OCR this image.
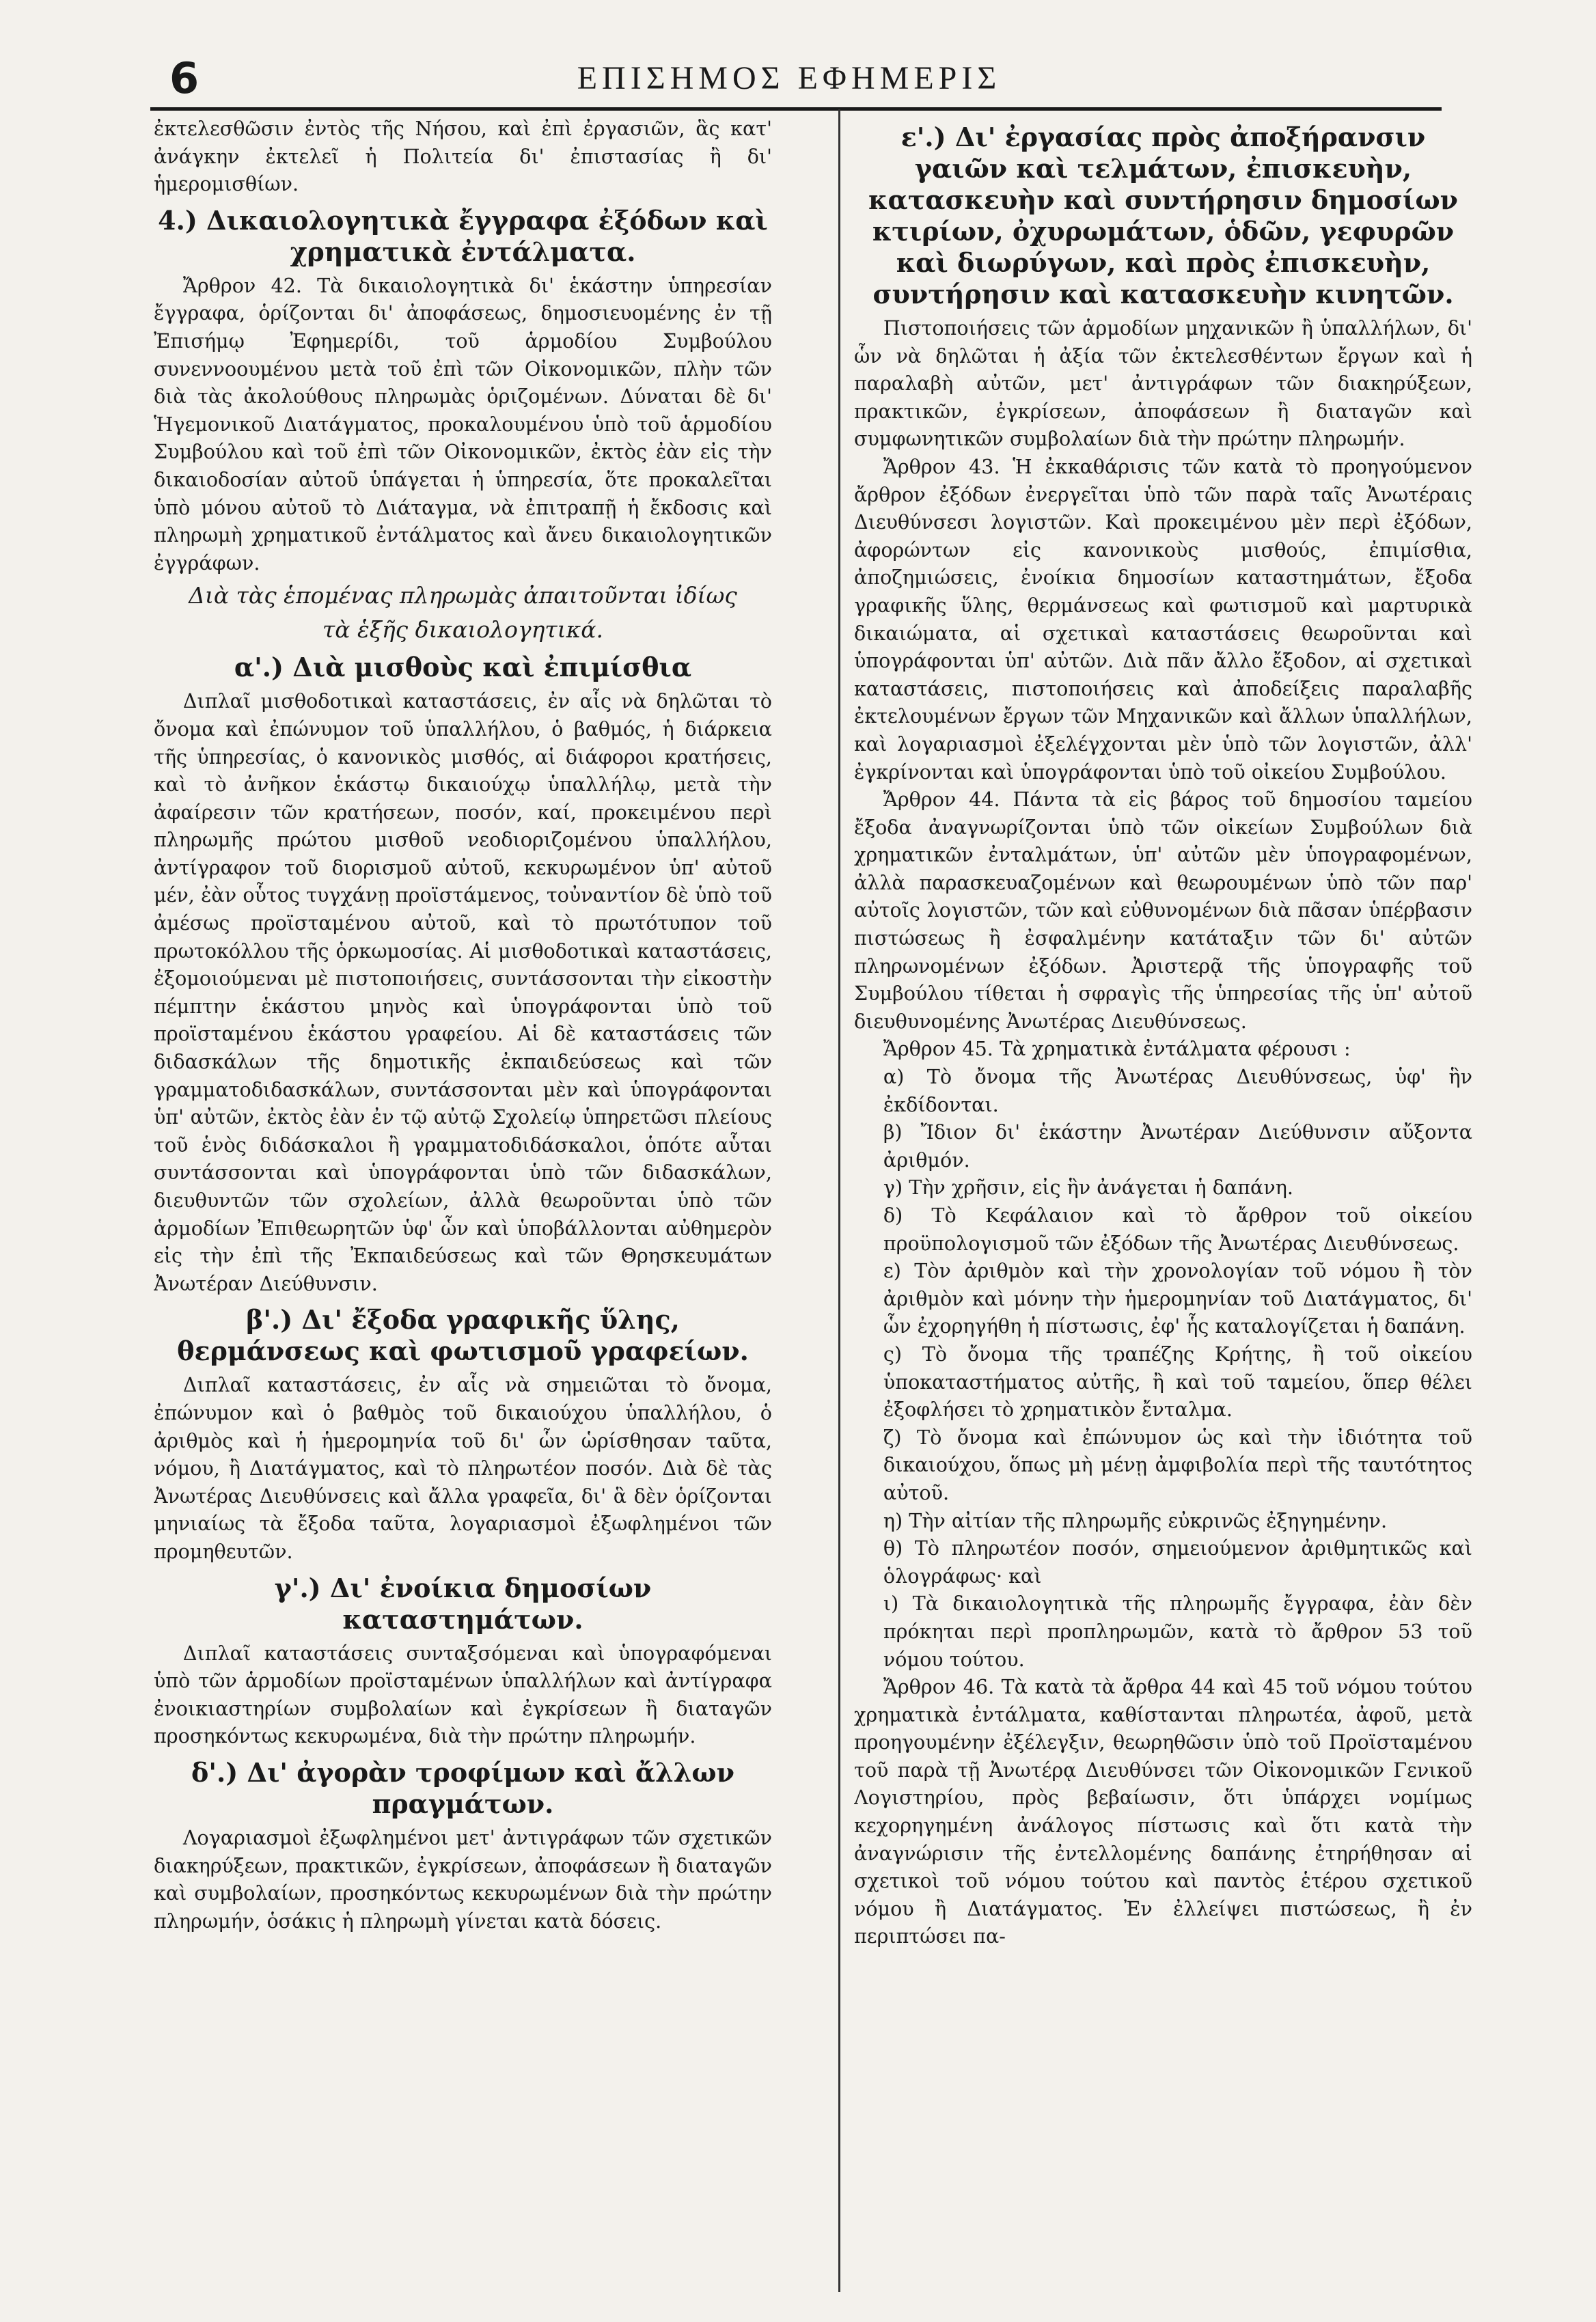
6	ΕΠΙΣΗΜΟΣ ΕΦΗΜΕΡΙΣ

ἐκτελεσθῶσιν ἐντὸς τῆς Νήσου, καὶ ἐπὶ ἐργασιῶν, ἃς κατ' ἀνάγκην ἐκτελεῖ ἡ Πολιτεία δι' ἐπιστασίας ἢ δι' ἡμερομισθίων.

4.) Δικαιολογητικὰ ἔγγραφα ἐξόδων καὶ χρηματικὰ ἐντάλματα.

Ἄρθρον 42. Τὰ δικαιολογητικὰ δι' ἑκάστην ὑπηρεσίαν ἔγγραφα, ὁρίζονται δι' ἀποφάσεως, δημοσιευομένης ἐν τῇ Ἐπισήμῳ Ἐφημερίδι, τοῦ ἁρμοδίου Συμβούλου συνεννοουμένου μετὰ τοῦ ἐπὶ τῶν Οἰκονομικῶν, πλὴν τῶν διὰ τὰς ἀκολούθους πληρωμὰς ὁριζομένων. Δύναται δὲ δι' Ἡγεμονικοῦ Διατάγματος, προκαλουμένου ὑπὸ τοῦ ἁρμοδίου Συμβούλου καὶ τοῦ ἐπὶ τῶν Οἰκονομικῶν, ἐκτὸς ἐὰν εἰς τὴν δικαιοδοσίαν αὐτοῦ ὑπάγεται ἡ ὑπηρεσία, ὅτε προκαλεῖται ὑπὸ μόνου αὐτοῦ τὸ Διάταγμα, νὰ ἐπιτραπῇ ἡ ἔκδοσις καὶ πληρωμὴ χρηματικοῦ ἐντάλματος καὶ ἄνευ δικαιολογητικῶν ἐγγράφων.

Διὰ τὰς ἑπομένας πληρωμὰς ἀπαιτοῦνται ἰδίως
τὰ ἑξῆς δικαιολογητικά.
α'.) Διὰ μισθοὺς καὶ ἐπιμίσθια

Διπλαῖ μισθοδοτικαὶ καταστάσεις, ἐν αἷς νὰ δηλῶται τὸ ὄνομα καὶ ἐπώνυμον τοῦ ὑπαλλήλου, ὁ βαθμός, ἡ διάρκεια τῆς ὑπηρεσίας, ὁ κανονικὸς μισθός, αἱ διάφοροι κρατήσεις, καὶ τὸ ἀνῆκον ἑκάστῳ δικαιούχῳ ὑπαλλήλῳ, μετὰ τὴν ἀφαίρεσιν τῶν κρατήσεων, ποσόν, καί, προκειμένου περὶ πληρωμῆς πρώτου μισθοῦ νεοδιοριζομένου ὑπαλλήλου, ἀντίγραφον τοῦ διορισμοῦ αὐτοῦ, κεκυρωμένον ὑπ' αὐτοῦ μέν, ἐὰν οὗτος τυγχάνῃ προϊστάμενος, τοὐναντίον δὲ ὑπὸ τοῦ ἀμέσως προϊσταμένου αὐτοῦ, καὶ τὸ πρωτότυπον τοῦ πρωτοκόλλου τῆς ὁρκωμοσίας. Αἱ μισθοδοτικαὶ καταστάσεις, ἐξομοιούμεναι μὲ πιστοποιήσεις, συντάσσονται τὴν εἰκοστὴν πέμπτην ἑκάστου μηνὸς καὶ ὑπογράφονται ὑπὸ τοῦ προϊσταμένου ἑκάστου γραφείου. Αἱ δὲ καταστάσεις τῶν διδασκάλων τῆς δημοτικῆς ἐκπαιδεύσεως καὶ τῶν γραμματοδιδασκάλων, συντάσσονται μὲν καὶ ὑπογράφονται ὑπ' αὐτῶν, ἐκτὸς ἐὰν ἐν τῷ αὐτῷ Σχολείῳ ὑπηρετῶσι πλείους τοῦ ἑνὸς διδάσκαλοι ἢ γραμματοδιδάσκαλοι, ὁπότε αὗται συντάσσονται καὶ ὑπογράφονται ὑπὸ τῶν διδασκάλων, διευθυντῶν τῶν σχολείων, ἀλλὰ θεωροῦνται ὑπὸ τῶν ἁρμοδίων Ἐπιθεωρητῶν ὑφ' ὧν καὶ ὑποβάλλονται αὐθημερὸν εἰς τὴν ἐπὶ τῆς Ἐκπαιδεύσεως καὶ τῶν Θρησκευμάτων Ἀνωτέραν Διεύθυνσιν.

β'.) Δι' ἔξοδα γραφικῆς ὕλης, θερμάνσεως καὶ φωτισμοῦ γραφείων.

Διπλαῖ καταστάσεις, ἐν αἷς νὰ σημειῶται τὸ ὄνομα, ἐπώνυμον καὶ ὁ βαθμὸς τοῦ δικαιούχου ὑπαλλήλου, ὁ ἀριθμὸς καὶ ἡ ἡμερομηνία τοῦ δι' ὧν ὡρίσθησαν ταῦτα, νόμου, ἢ Διατάγματος, καὶ τὸ πληρωτέον ποσόν. Διὰ δὲ τὰς Ἀνωτέρας Διευθύνσεις καὶ ἄλλα γραφεῖα, δι' ἃ δὲν ὁρίζονται μηνιαίως τὰ ἔξοδα ταῦτα, λογαριασμοὶ ἐξωφλημένοι τῶν προμηθευτῶν.

γ'.) Δι' ἐνοίκια δημοσίων καταστημάτων.

Διπλαῖ καταστάσεις συνταξσόμεναι καὶ ὑπογραφόμεναι ὑπὸ τῶν ἁρμοδίων προϊσταμένων ὑπαλλήλων καὶ ἀντίγραφα ἐνοικιαστηρίων συμβολαίων καὶ ἐγκρίσεων ἢ διαταγῶν προσηκόντως κεκυρωμένα, διὰ τὴν πρώτην πληρωμήν.

δ'.) Δι' ἀγορὰν τροφίμων καὶ ἄλλων πραγμάτων.

Λογαριασμοὶ ἐξωφλημένοι μετ' ἀντιγράφων τῶν σχετικῶν διακηρύξεων, πρακτικῶν, ἐγκρίσεων, ἀποφάσεων ἢ διαταγῶν καὶ συμβολαίων, προσηκόντως κεκυρωμένων διὰ τὴν πρώτην πληρωμήν, ὁσάκις ἡ πληρωμὴ γίνεται κατὰ δόσεις.

ε'.) Δι' ἐργασίας πρὸς ἀποξήρανσιν γαιῶν καὶ τελμάτων, ἐπισκευὴν, κατασκευὴν καὶ συντήρησιν δημοσίων κτιρίων, ὀχυρωμάτων, ὁδῶν, γεφυρῶν καὶ διωρύγων, καὶ πρὸς ἐπισκευὴν, συντήρησιν καὶ κατασκευὴν κινητῶν.

Πιστοποιήσεις τῶν ἁρμοδίων μηχανικῶν ἢ ὑπαλλήλων, δι' ὧν νὰ δηλῶται ἡ ἀξία τῶν ἐκτελεσθέντων ἔργων καὶ ἡ παραλαβὴ αὐτῶν, μετ' ἀντιγράφων τῶν διακηρύξεων, πρακτικῶν, ἐγκρίσεων, ἀποφάσεων ἢ διαταγῶν καὶ συμφωνητικῶν συμβολαίων διὰ τὴν πρώτην πληρωμήν.

Ἄρθρον 43. Ἡ ἐκκαθάρισις τῶν κατὰ τὸ προηγούμενον ἄρθρον ἐξόδων ἐνεργεῖται ὑπὸ τῶν παρὰ ταῖς Ἀνωτέραις Διευθύνσεσι λογιστῶν. Καὶ προκειμένου μὲν περὶ ἐξόδων, ἀφορώντων εἰς κανονικοὺς μισθούς, ἐπιμίσθια, ἀποζημιώσεις, ἐνοίκια δημοσίων καταστημάτων, ἔξοδα γραφικῆς ὕλης, θερμάνσεως καὶ φωτισμοῦ καὶ μαρτυρικὰ δικαιώματα, αἱ σχετικαὶ καταστάσεις θεωροῦνται καὶ ὑπογράφονται ὑπ' αὐτῶν. Διὰ πᾶν ἄλλο ἔξοδον, αἱ σχετικαὶ καταστάσεις, πιστοποιήσεις καὶ ἀποδείξεις παραλαβῆς ἐκτελουμένων ἔργων τῶν Μηχανικῶν καὶ ἄλλων ὑπαλλήλων, καὶ λογαριασμοὶ ἐξελέγχονται μὲν ὑπὸ τῶν λογιστῶν, ἀλλ' ἐγκρίνονται καὶ ὑπογράφονται ὑπὸ τοῦ οἰκείου Συμβούλου.

Ἄρθρον 44. Πάντα τὰ εἰς βάρος τοῦ δημοσίου ταμείου ἔξοδα ἀναγνωρίζονται ὑπὸ τῶν οἰκείων Συμβούλων διὰ χρηματικῶν ἐνταλμάτων, ὑπ' αὐτῶν μὲν ὑπογραφομένων, ἀλλὰ παρασκευαζομένων καὶ θεωρουμένων ὑπὸ τῶν παρ' αὐτοῖς λογιστῶν, τῶν καὶ εὐθυνομένων διὰ πᾶσαν ὑπέρβασιν πιστώσεως ἢ ἐσφαλμένην κατάταξιν τῶν δι' αὐτῶν πληρωνομένων ἐξόδων. Ἀριστερᾷ τῆς ὑπογραφῆς τοῦ Συμβούλου τίθεται ἡ σφραγὶς τῆς ὑπηρεσίας τῆς ὑπ' αὐτοῦ διευθυνομένης Ἀνωτέρας Διευθύνσεως.

Ἄρθρον 45. Τὰ χρηματικὰ ἐντάλματα φέρουσι :

α) Τὸ ὄνομα τῆς Ἀνωτέρας Διευθύνσεως, ὑφ' ἣν ἐκδίδονται.

β) Ἴδιον δι' ἑκάστην Ἀνωτέραν Διεύθυνσιν αὔξοντα ἀριθμόν.

γ) Τὴν χρῆσιν, εἰς ἣν ἀνάγεται ἡ δαπάνη.

δ) Τὸ Κεφάλαιον καὶ τὸ ἄρθρον τοῦ οἰκείου προϋπολογισμοῦ τῶν ἐξόδων τῆς Ἀνωτέρας Διευθύνσεως.

ε) Τὸν ἀριθμὸν καὶ τὴν χρονολογίαν τοῦ νόμου ἢ τὸν ἀριθμὸν καὶ μόνην τὴν ἡμερομηνίαν τοῦ Διατάγματος, δι' ὧν ἐχορηγήθη ἡ πίστωσις, ἐφ' ἧς καταλογίζεται ἡ δαπάνη.

ς) Τὸ ὄνομα τῆς τραπέζης Κρήτης, ἢ τοῦ οἰκείου ὑποκαταστήματος αὐτῆς, ἢ καὶ τοῦ ταμείου, ὅπερ θέλει ἐξοφλήσει τὸ χρηματικὸν ἔνταλμα.

ζ) Τὸ ὄνομα καὶ ἐπώνυμον ὡς καὶ τὴν ἰδιότητα τοῦ δικαιούχου, ὅπως μὴ μένῃ ἀμφιβολία περὶ τῆς ταυτότητος αὐτοῦ.

η) Τὴν αἰτίαν τῆς πληρωμῆς εὐκρινῶς ἐξηγημένην.

θ) Τὸ πληρωτέον ποσόν, σημειούμενον ἀριθμητικῶς καὶ ὁλογράφως· καὶ

ι) Τὰ δικαιολογητικὰ τῆς πληρωμῆς ἔγγραφα, ἐὰν δὲν πρόκηται περὶ προπληρωμῶν, κατὰ τὸ ἄρθρον 53 τοῦ νόμου τούτου.

Ἄρθρον 46. Τὰ κατὰ τὰ ἄρθρα 44 καὶ 45 τοῦ νόμου τούτου χρηματικὰ ἐντάλματα, καθίστανται πληρωτέα, ἀφοῦ, μετὰ προηγουμένην ἐξέλεγξιν, θεωρηθῶσιν ὑπὸ τοῦ Προϊσταμένου τοῦ παρὰ τῇ Ἀνωτέρᾳ Διευθύνσει τῶν Οἰκονομικῶν Γενικοῦ Λογιστηρίου, πρὸς βεβαίωσιν, ὅτι ὑπάρχει νομίμως κεχορηγημένη ἀνάλογος πίστωσις καὶ ὅτι κατὰ τὴν ἀναγνώρισιν τῆς ἐντελλομένης δαπάνης ἐτηρήθησαν αἱ σχετικοὶ τοῦ νόμου τούτου καὶ παντὸς ἑτέρου σχετικοῦ νόμου ἢ Διατάγματος. Ἐν ἐλλείψει πιστώσεως, ἢ ἐν περιπτώσει πα-
